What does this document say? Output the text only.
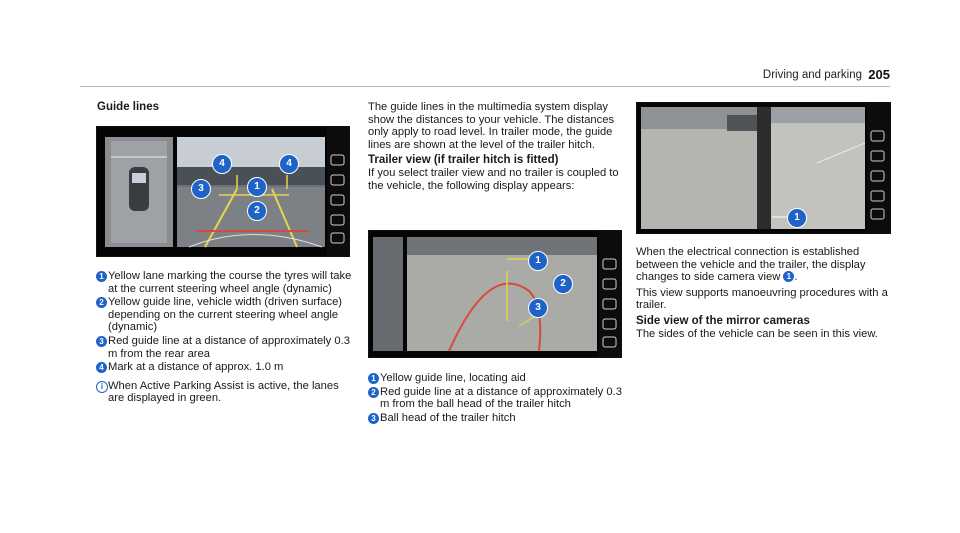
Driving and parking 205
Guide lines
4	4
1
3
2
1 Yellow lane marking the course the tyres will take at the current steering wheel angle (dynamic)
2 Yellow guide line, vehicle width (driven surface) depending on the current steering wheel angle (dynamic)
3 Red guide line at a distance of approximately 0.3 m from the rear area
4 Mark at a distance of approx. 1.0 m
i When Active Parking Assist is active, the lanes are displayed in green.
The guide lines in the multimedia system display show the distances to your vehicle. The distances only apply to road level. In trailer mode, the guide lines are shown at the level of the trailer hitch.
Trailer view (if trailer hitch is fitted)
If you select trailer view and no trailer is coupled to the vehicle, the following display appears:
1
2
3
1 Yellow guide line, locating aid
2 Red guide line at a distance of approximately 0.3 m from the ball head of the trailer hitch
3 Ball head of the trailer hitch
1
When the electrical connection is established between the vehicle and the trailer, the display changes to side camera view 1 .
This view supports manoeuvring procedures with a trailer.
Side view of the mirror cameras
The sides of the vehicle can be seen in this view.
